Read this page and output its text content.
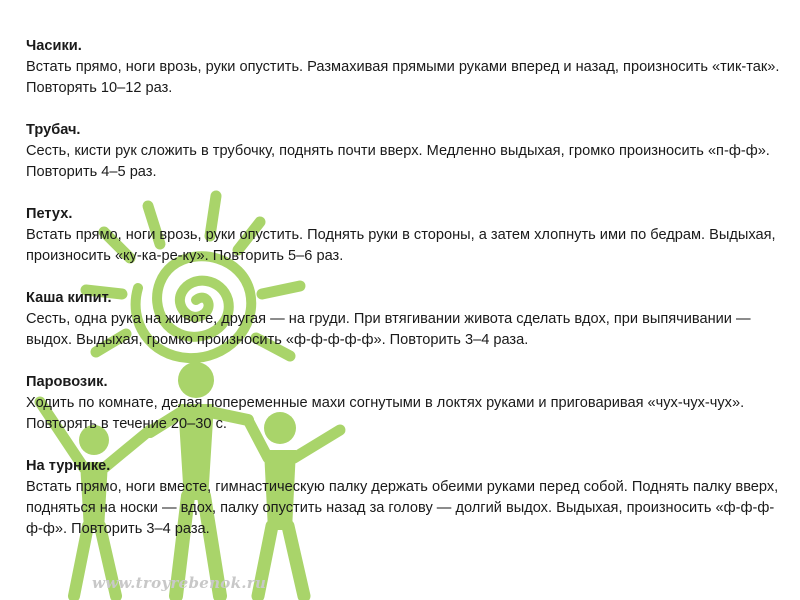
Часики.
Встать прямо, ноги врозь, руки опустить. Размахивая прямыми руками вперед и назад, произносить «тик-так». Повторять 10–12 раз.
Трубач.
Сесть, кисти рук сложить в трубочку, поднять почти вверх. Медленно выдыхая, громко произносить «п-ф-ф». Повторить 4–5 раз.
Петух.
Встать прямо, ноги врозь, руки опустить. Поднять руки в стороны, а затем хлопнуть ими по бедрам. Выдыхая, произносить «ку-ка-ре-ку». Повторить 5–6 раз.
Каша кипит.
Сесть, одна рука на животе, другая — на груди. При втягивании живота сделать вдох, при выпячивании — выдох. Выдыхая, громко произносить «ф-ф-ф-ф-ф». Повторить 3–4 раза.
Паровозик.
Ходить по комнате, делая попеременные махи согнутыми в локтях руками и приговаривая «чух-чух-чух». Повторять в течение 20–30 с.
На турнике.
Встать прямо, ноги вместе, гимнастическую палку держать обеими руками перед собой. Поднять палку вверх, подняться на носки — вдох, палку опустить назад за голову — долгий выдох. Выдыхая, произносить «ф-ф-ф-ф-ф». Повторить 3–4 раза.
www.troyrebenok.ru
